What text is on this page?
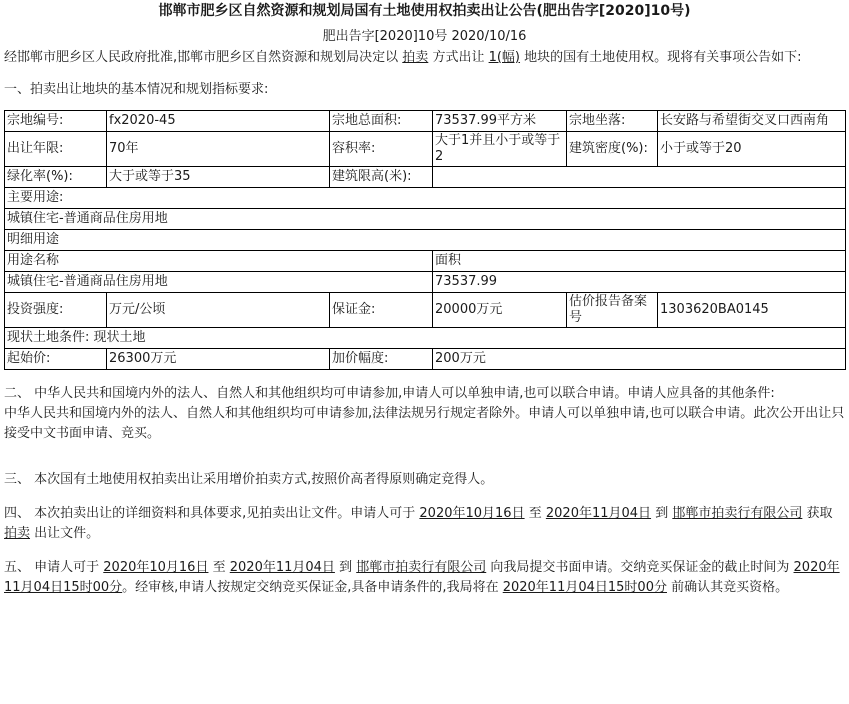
邯郸市肥乡区自然资源和规划局国有土地使用权拍卖出让公告(肥出告字[2020]10号)
肥出告字[2020]10号 2020/10/16

经邯郸市肥乡区人民政府批准,邯郸市肥乡区自然资源和规划局决定以 拍卖 方式出让 1(幅) 地块的国有土地使用权。现将有关事项公告如下:

一、拍卖出让地块的基本情况和规划指标要求:

宗地编号:	fx2020-45	宗地总面积:	73537.99平方米	宗地坐落:	长安路与希望街交叉口西南角
出让年限:	70年	容积率:	大于1并且小于或等于2	建筑密度(%):	小于或等于20
绿化率(%):	大于或等于35	建筑限高(米):			
主要用途:					
城镇住宅-普通商品住房用地					
明细用途					
用途名称			面积		
城镇住宅-普通商品住房用地			73537.99		
投资强度:	万元/公顷	保证金:	20000万元	估价报告备案号	1303620BA0145
现状土地条件: 现状土地					
起始价:	26300万元	加价幅度:	200万元		

二、 中华人民共和国境内外的法人、自然人和其他组织均可申请参加,申请人可以单独申请,也可以联合申请。申请人应具备的其他条件:

中华人民共和国境内外的法人、自然人和其他组织均可申请参加,法律法规另行规定者除外。申请人可以单独申请,也可以联合申请。此次公开出让只接受中文书面申请、竞买。

三、 本次国有土地使用权拍卖出让采用增价拍卖方式,按照价高者得原则确定竞得人。

四、 本次拍卖出让的详细资料和具体要求,见拍卖出让文件。申请人可于 2020年10月16日 至 2020年11月04日 到 邯郸市拍卖行有限公司 获取 拍卖 出让文件。

五、 申请人可于 2020年10月16日 至 2020年11月04日 到 邯郸市拍卖行有限公司 向我局提交书面申请。交纳竞买保证金的截止时间为 2020年11月04日15时00分。经审核,申请人按规定交纳竞买保证金,具备申请条件的,我局将在 2020年11月04日15时00分 前确认其竞买资格。
